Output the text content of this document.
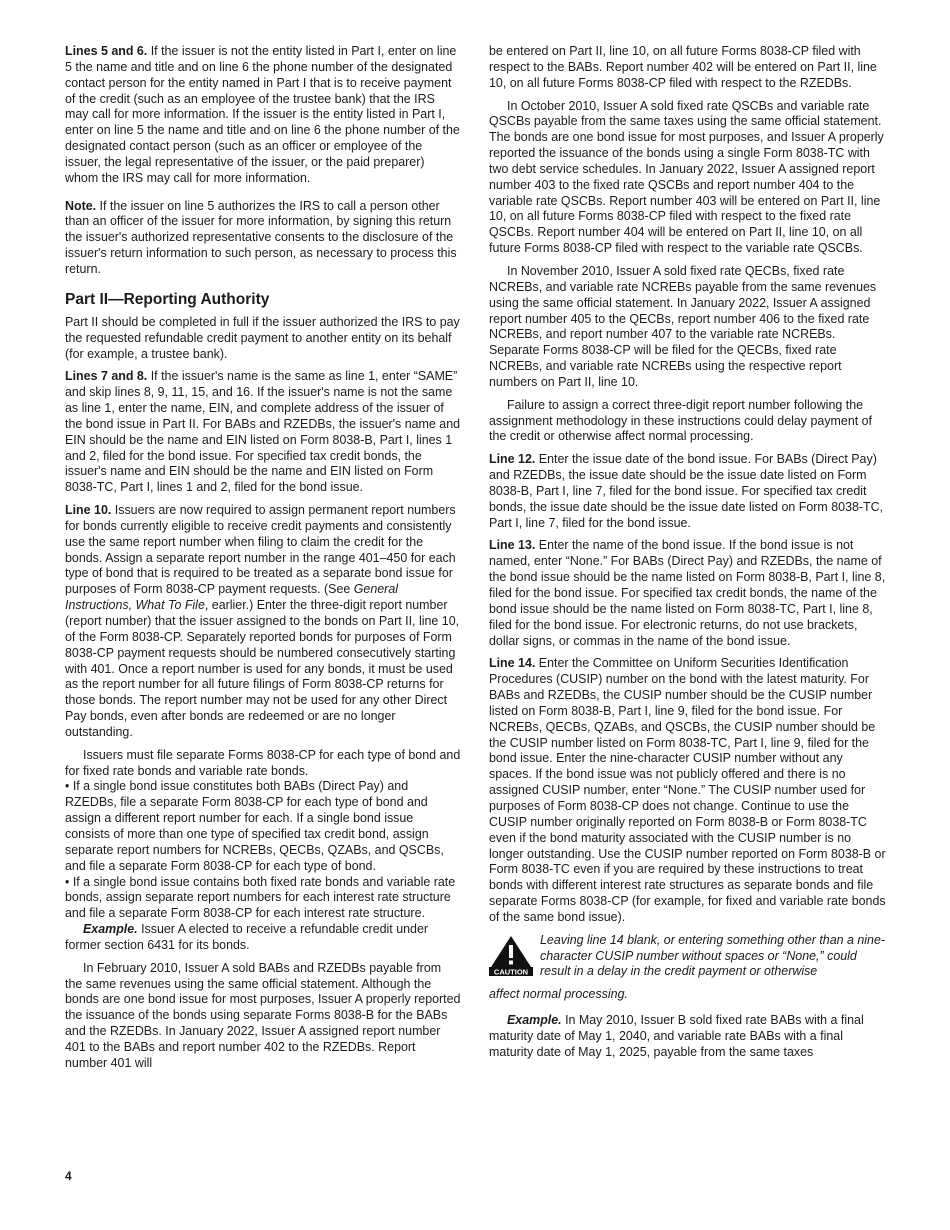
Lines 5 and 6. If the issuer is not the entity listed in Part I, enter on line 5 the name and title and on line 6 the phone number of the designated contact person for the entity named in Part I that is to receive payment of the credit (such as an employee of the trustee bank) that the IRS may call for more information. If the issuer is the entity listed in Part I, enter on line 5 the name and title and on line 6 the phone number of the designated contact person (such as an officer or employee of the issuer, the legal representative of the issuer, or the paid preparer) whom the IRS may call for more information.

Note. If the issuer on line 5 authorizes the IRS to call a person other than an officer of the issuer for more information, by signing this return the issuer's authorized representative consents to the disclosure of the issuer's return information to such person, as necessary to process this return.

Part II—Reporting Authority

Part II should be completed in full if the issuer authorized the IRS to pay the requested refundable credit payment to another entity on its behalf (for example, a trustee bank).

Lines 7 and 8. If the issuer's name is the same as line 1, enter “SAME” and skip lines 8, 9, 11, 15, and 16. If the issuer's name is not the same as line 1, enter the name, EIN, and complete address of the issuer of the bond issue in Part II. For BABs and RZEDBs, the issuer's name and EIN should be the name and EIN listed on Form 8038-B, Part I, lines 1 and 2, filed for the bond issue. For specified tax credit bonds, the issuer's name and EIN should be the name and EIN listed on Form 8038-TC, Part I, lines 1 and 2, filed for the bond issue.

Line 10. Issuers are now required to assign permanent report numbers for bonds currently eligible to receive credit payments and consistently use the same report number when filing to claim the credit for the bonds. Assign a separate report number in the range 401–450 for each type of bond that is required to be treated as a separate bond issue for purposes of Form 8038-CP payment requests. (See General Instructions, What To File, earlier.) Enter the three-digit report number (report number) that the issuer assigned to the bonds on Part II, line 10, of the Form 8038-CP. Separately reported bonds for purposes of Form 8038-CP payment requests should be numbered consecutively starting with 401. Once a report number is used for any bonds, it must be used as the report number for all future filings of Form 8038-CP returns for those bonds. The report number may not be used for any other Direct Pay bonds, even after bonds are redeemed or are no longer outstanding.

Issuers must file separate Forms 8038-CP for each type of bond and for fixed rate bonds and variable rate bonds.

• If a single bond issue constitutes both BABs (Direct Pay) and RZEDBs, file a separate Form 8038-CP for each type of bond and assign a different report number for each. If a single bond issue consists of more than one type of specified tax credit bond, assign separate report numbers for NCREBs, QECBs, QZABs, and QSCBs, and file a separate Form 8038-CP for each type of bond.

• If a single bond issue contains both fixed rate bonds and variable rate bonds, assign separate report numbers for each interest rate structure and file a separate Form 8038-CP for each interest rate structure.

Example. Issuer A elected to receive a refundable credit under former section 6431 for its bonds.

In February 2010, Issuer A sold BABs and RZEDBs payable from the same revenues using the same official statement. Although the bonds are one bond issue for most purposes, Issuer A properly reported the issuance of the bonds using separate Forms 8038-B for the BABs and the RZEDBs. In January 2022, Issuer A assigned report number 401 to the BABs and report number 402 to the RZEDBs. Report number 401 will

be entered on Part II, line 10, on all future Forms 8038-CP filed with respect to the BABs. Report number 402 will be entered on Part II, line 10, on all future Forms 8038-CP filed with respect to the RZEDBs.

In October 2010, Issuer A sold fixed rate QSCBs and variable rate QSCBs payable from the same taxes using the same official statement. The bonds are one bond issue for most purposes, and Issuer A properly reported the issuance of the bonds using a single Form 8038-TC with two debt service schedules. In January 2022, Issuer A assigned report number 403 to the fixed rate QSCBs and report number 404 to the variable rate QSCBs. Report number 403 will be entered on Part II, line 10, on all future Forms 8038-CP filed with respect to the fixed rate QSCBs. Report number 404 will be entered on Part II, line 10, on all future Forms 8038-CP filed with respect to the variable rate QSCBs.

In November 2010, Issuer A sold fixed rate QECBs, fixed rate NCREBs, and variable rate NCREBs payable from the same revenues using the same official statement. In January 2022, Issuer A assigned report number 405 to the QECBs, report number 406 to the fixed rate NCREBs, and report number 407 to the variable rate NCREBs. Separate Forms 8038-CP will be filed for the QECBs, fixed rate NCREBs, and variable rate NCREBs using the respective report numbers on Part II, line 10.

Failure to assign a correct three-digit report number following the assignment methodology in these instructions could delay payment of the credit or otherwise affect normal processing.

Line 12. Enter the issue date of the bond issue. For BABs (Direct Pay) and RZEDBs, the issue date should be the issue date listed on Form 8038-B, Part I, line 7, filed for the bond issue. For specified tax credit bonds, the issue date should be the issue date listed on Form 8038-TC, Part I, line 7, filed for the bond issue.

Line 13. Enter the name of the bond issue. If the bond issue is not named, enter “None.” For BABs (Direct Pay) and RZEDBs, the name of the bond issue should be the name listed on Form 8038-B, Part I, line 8, filed for the bond issue. For specified tax credit bonds, the name of the bond issue should be the name listed on Form 8038-TC, Part I, line 8, filed for the bond issue. For electronic returns, do not use brackets, dollar signs, or commas in the name of the bond issue.

Line 14. Enter the Committee on Uniform Securities Identification Procedures (CUSIP) number on the bond with the latest maturity. For BABs and RZEDBs, the CUSIP number should be the CUSIP number listed on Form 8038-B, Part I, line 9, filed for the bond issue. For NCREBs, QECBs, QZABs, and QSCBs, the CUSIP number should be the CUSIP number listed on Form 8038-TC, Part I, line 9, filed for the bond issue. Enter the nine-character CUSIP number without any spaces. If the bond issue was not publicly offered and there is no assigned CUSIP number, enter “None.” The CUSIP number used for purposes of Form 8038-CP does not change. Continue to use the CUSIP number originally reported on Form 8038-B or Form 8038-TC even if the bond maturity associated with the CUSIP number is no longer outstanding. Use the CUSIP number reported on Form 8038-B or Form 8038-TC even if you are required by these instructions to treat bonds with different interest rate structures as separate bonds and file separate Forms 8038-CP (for example, for fixed and variable rate bonds of the same bond issue).

CAUTION

Leaving line 14 blank, or entering something other than a nine-character CUSIP number without spaces or “None,” could result in a delay in the credit payment or otherwise

affect normal processing.

Example. In May 2010, Issuer B sold fixed rate BABs with a final maturity date of May 1, 2040, and variable rate BABs with a final maturity date of May 1, 2025, payable from the same taxes

4
